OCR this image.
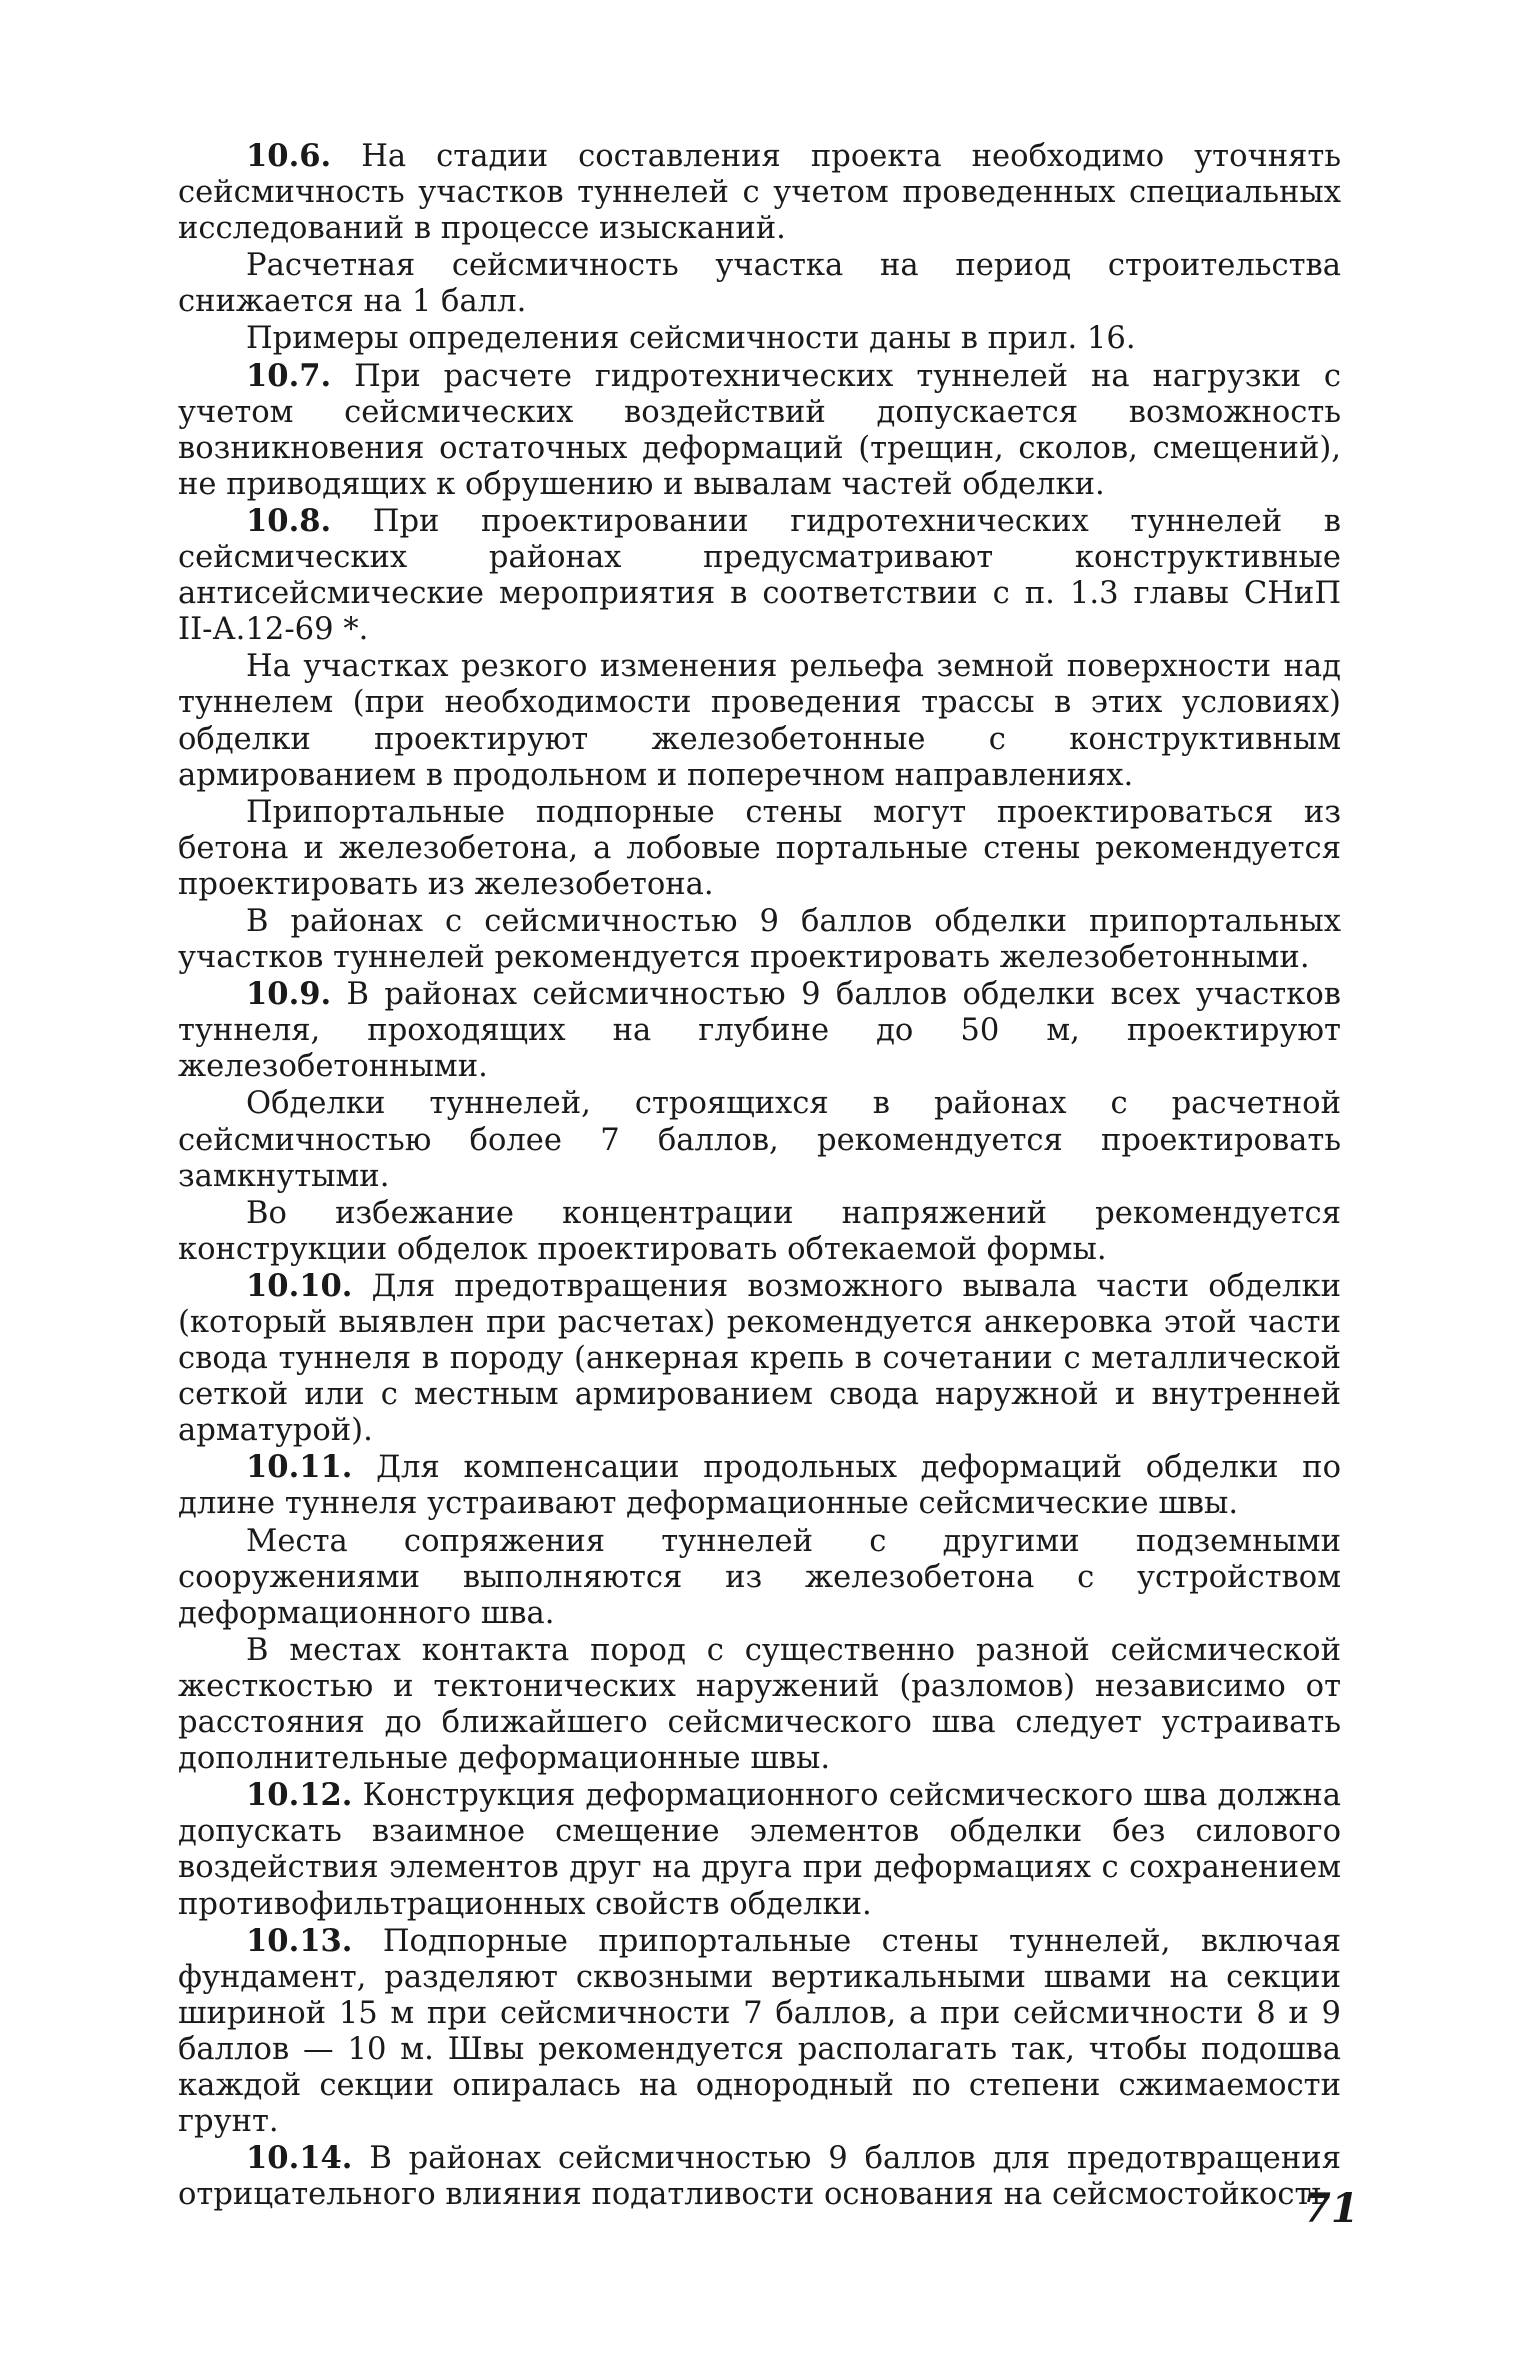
10.6. На стадии составления проекта необходимо уточнять сейсмичность участков туннелей с учетом проведенных специальных исследований в процессе изысканий.

Расчетная сейсмичность участка на период строительства снижается на 1 балл.

Примеры определения сейсмичности даны в прил. 16.

10.7. При расчете гидротехнических туннелей на нагрузки с учетом сейсмических воздействий допускается возможность возникновения остаточных деформаций (трещин, сколов, смещений), не приводящих к обрушению и вывалам частей обделки.

10.8. При проектировании гидротехнических туннелей в сейсмических районах предусматривают конструктивные антисейсмические мероприятия в соответствии с п. 1.3 главы СНиП II-А.12-69 *.

На участках резкого изменения рельефа земной поверхности над туннелем (при необходимости проведения трассы в этих условиях) обделки проектируют железобетонные с конструктивным армированием в продольном и поперечном направлениях.

Припортальные подпорные стены могут проектироваться из бетона и железобетона, а лобовые портальные стены рекомендуется проектировать из железобетона.

В районах с сейсмичностью 9 баллов обделки припортальных участков туннелей рекомендуется проектировать железобетонными.

10.9. В районах сейсмичностью 9 баллов обделки всех участков туннеля, проходящих на глубине до 50 м, проектируют железобетонными.

Обделки туннелей, строящихся в районах с расчетной сейсмичностью более 7 баллов, рекомендуется проектировать замкнутыми.

Во избежание концентрации напряжений рекомендуется конструкции обделок проектировать обтекаемой формы.

10.10. Для предотвращения возможного вывала части обделки (который выявлен при расчетах) рекомендуется анкеровка этой части свода туннеля в породу (анкерная крепь в сочетании с металлической сеткой или с местным армированием свода наружной и внутренней арматурой).

10.11. Для компенсации продольных деформаций обделки по длине туннеля устраивают деформационные сейсмические швы.

Места сопряжения туннелей с другими подземными сооружениями выполняются из железобетона с устройством деформационного шва.

В местах контакта пород с существенно разной сейсмической жесткостью и тектонических наружений (разломов) независимо от расстояния до ближайшего сейсмического шва следует устраивать дополнительные деформационные швы.

10.12. Конструкция деформационного сейсмического шва должна допускать взаимное смещение элементов обделки без силового воздействия элементов друг на друга при деформациях с сохранением противофильтрационных свойств обделки.

10.13. Подпорные припортальные стены туннелей, включая фундамент, разделяют сквозными вертикальными швами на секции шириной 15 м при сейсмичности 7 баллов, а при сейсмичности 8 и 9 баллов — 10 м. Швы рекомендуется располагать так, чтобы подошва каждой секции опиралась на однородный по степени сжимаемости грунт.

10.14. В районах сейсмичностью 9 баллов для предотвращения отрицательного влияния податливости основания на сейсмостойкость

71
